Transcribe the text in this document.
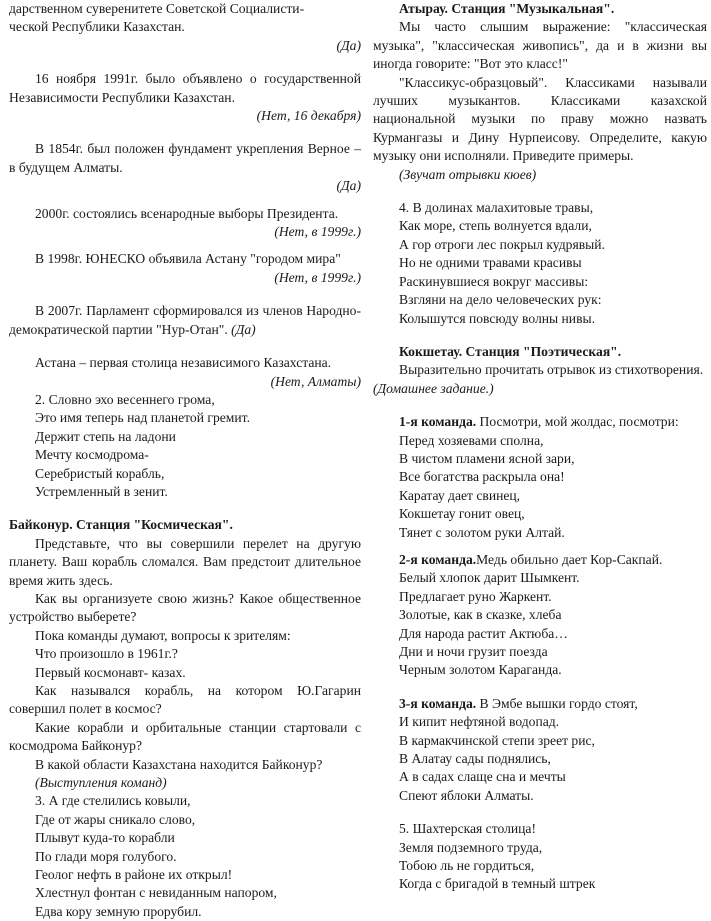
дарственном суверенитете Советской Социалисти-
ческой Республики Казахстан.

(Да)

16 ноября 1991г. было объявлено о государственной Независимости Республики Казахстан.

(Нет, 16 декабря)

В 1854г. был положен фундамент укрепления Верное – в будущем Алматы.

(Да)

2000г. состоялись всенародные выборы Президента.

(Нет, в 1999г.)

В 1998г. ЮНЕСКО объявила Астану "городом мира"

(Нет, в 1999г.)

В 2007г. Парламент сформировался из членов Народно- демократической партии "Нур-Отан". (Да)

Астана – первая столица независимого Казахстана.

(Нет, Алматы)

2. Словно эхо весеннего грома,

Это имя теперь над планетой гремит.

Держит степь на ладони

Мечту космодрома-

Серебристый корабль,

Устремленный в зенит.

Байконур. Станция "Космическая".

Представьте, что вы совершили перелет на другую планету. Ваш корабль сломался. Вам предстоит длительное время жить здесь.

Как вы организуете свою жизнь? Какое общественное устройство выберете?

Пока команды думают, вопросы к зрителям:

Что произошло в 1961г.?

Первый космонавт- казах.

Как назывался корабль, на котором Ю.Гагарин совершил полет в космос?

Какие корабли и орбитальные станции стартовали с космодрома Байконур?

В какой области Казахстана находится Байконур?

(Выступления команд)

3. А где стелились ковыли,

Где от жары сникало слово,

Плывут куда-то корабли

По глади моря голубого.

Геолог нефть в районе их открыл!

Хлестнул фонтан с невиданным напором,

Едва кору земную прорубил.

Атырау. Станция "Музыкальная".

Мы часто слышим выражение: "классическая музыка", "классическая живопись", да и в жизни вы иногда говорите: "Вот это класс!"

"Классикус-образцовый". Классиками называли лучших музыкантов. Классиками казахской национальной музыки по праву можно назвать Курмангазы и Дину Нурпеисову. Определите, какую музыку они исполняли. Приведите примеры.

(Звучат отрывки кюев)

4. В долинах малахитовые травы,

Как море, степь волнуется вдали,

А гор отроги лес покрыл кудрявый.

Но не одними травами красивы

Раскинувшиеся вокруг массивы:

Взгляни на дело человеческих рук:

Колышутся повсюду волны нивы.

Кокшетау. Станция "Поэтическая".

Выразительно прочитать отрывок из стихотворения.

(Домашнее задание.)

1-я команда. Посмотри, мой жолдас, посмотри:

Перед хозяевами сполна,

В чистом пламени ясной зари,

Все богатства раскрыла она!

Каратау дает свинец,

Кокшетау гонит овец,

Тянет с золотом руки Алтай.

2-я команда.Медь обильно дает Кор-Сакпай.

Белый хлопок дарит Шымкент.

Предлагает руно Жаркент.

Золотые, как в сказке, хлеба

Для народа растит Актюба…

Дни и ночи грузит поезда

Черным золотом Караганда.

3-я команда. В Эмбе вышки гордо стоят,

И кипит нефтяной водопад.

В кармакчинской степи зреет рис,

В Алатау сады поднялись,

А в садах слаще сна и мечты

Спеют яблоки Алматы.

5. Шахтерская столица!

Земля подземного труда,

Тобою ль не гордиться,

Когда с бригадой в темный штрек
